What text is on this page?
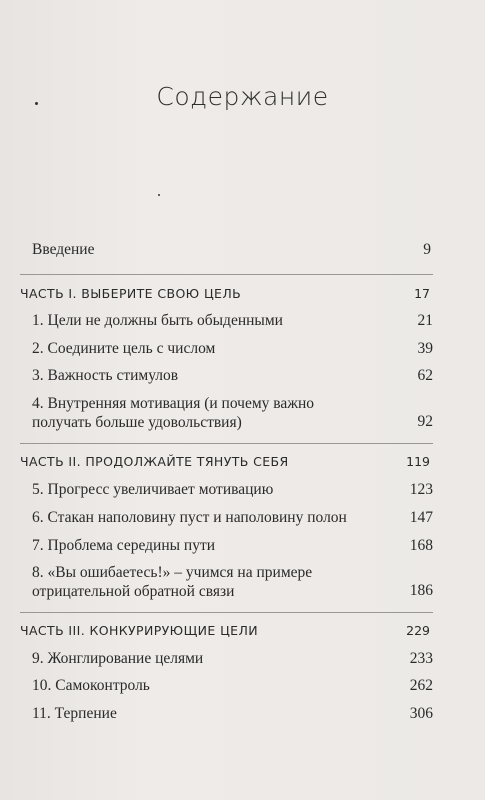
Содержание
Введение	9
ЧАСТЬ I. ВЫБЕРИТЕ СВОЮ ЦЕЛЬ	17
1. Цели не должны быть обыденными	21
2. Соедините цель с числом	39
3. Важность стимулов	62
4. Внутренняя мотивация (и почему важно получать больше удовольствия)	92
ЧАСТЬ II. ПРОДОЛЖАЙТЕ ТЯНУТЬ СЕБЯ	119
5. Прогресс увеличивает мотивацию	123
6. Стакан наполовину пуст и наполовину полон	147
7. Проблема середины пути	168
8. «Вы ошибаетесь!» – учимся на примере отрицательной обратной связи	186
ЧАСТЬ III. КОНКУРИРУЮЩИЕ ЦЕЛИ	229
9. Жонглирование целями	233
10. Самоконтроль	262
11. Терпение	306
